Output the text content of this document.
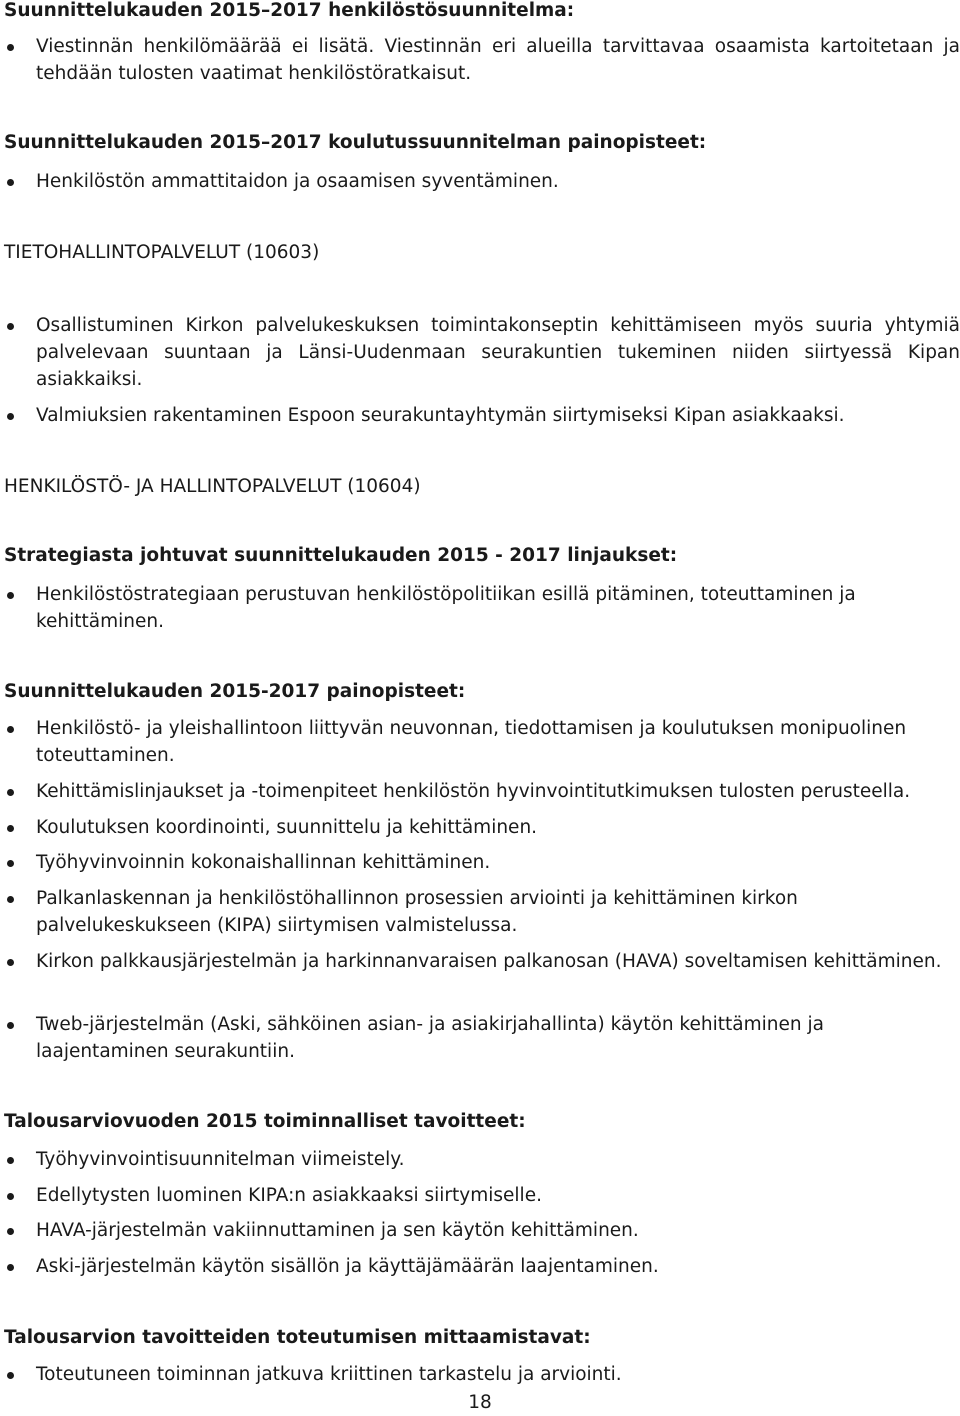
Suunnittelukauden 2015–2017 henkilöstösuunnitelma:
Viestinnän henkilömäärää ei lisätä. Viestinnän eri alueilla tarvittavaa osaamista kartoitetaan ja tehdään tulosten vaatimat henkilöstöratkaisut.
Suunnittelukauden 2015–2017 koulutussuunnitelman painopisteet:
Henkilöstön ammattitaidon ja osaamisen syventäminen.
TIETOHALLINTOPALVELUT (10603)
Osallistuminen Kirkon palvelukeskuksen toimintakonseptin kehittämiseen myös suuria yhtymiä palvelevaan suuntaan ja Länsi-Uudenmaan seurakuntien tukeminen niiden siirtyessä Kipan asiakkaiksi.
Valmiuksien rakentaminen Espoon seurakuntayhtymän siirtymiseksi Kipan asiakkaaksi.
HENKILÖSTÖ- JA HALLINTOPALVELUT (10604)
Strategiasta johtuvat suunnittelukauden 2015 - 2017 linjaukset:
Henkilöstöstrategiaan perustuvan henkilöstöpolitiikan esillä pitäminen, toteuttaminen ja kehittäminen.
Suunnittelukauden 2015-2017 painopisteet:
Henkilöstö- ja yleishallintoon liittyvän neuvonnan, tiedottamisen ja koulutuksen monipuolinen toteuttaminen.
Kehittämislinjaukset ja -toimenpiteet henkilöstön hyvinvointitutkimuksen tulosten perusteella.
Koulutuksen koordinointi, suunnittelu ja kehittäminen.
Työhyvinvoinnin kokonaishallinnan kehittäminen.
Palkanlaskennan ja henkilöstöhallinnon prosessien arviointi ja kehittäminen kirkon palvelukeskukseen (KIPA) siirtymisen valmistelussa.
Kirkon palkkausjärjestelmän ja harkinnanvaraisen palkanosan (HAVA) soveltamisen kehittäminen.
Tweb-järjestelmän (Aski, sähköinen asian- ja asiakirjahallinta) käytön kehittäminen ja laajentaminen seurakuntiin.
Talousarviovuoden 2015 toiminnalliset tavoitteet:
Työhyvinvointisuunnitelman viimeistely.
Edellytysten luominen KIPA:n asiakkaaksi siirtymiselle.
HAVA-järjestelmän vakiinnuttaminen ja sen käytön kehittäminen.
Aski-järjestelmän käytön sisällön ja käyttäjämäärän laajentaminen.
Talousarvion tavoitteiden toteutumisen mittaamistavat:
Toteutuneen toiminnan jatkuva kriittinen tarkastelu ja arviointi.
18
